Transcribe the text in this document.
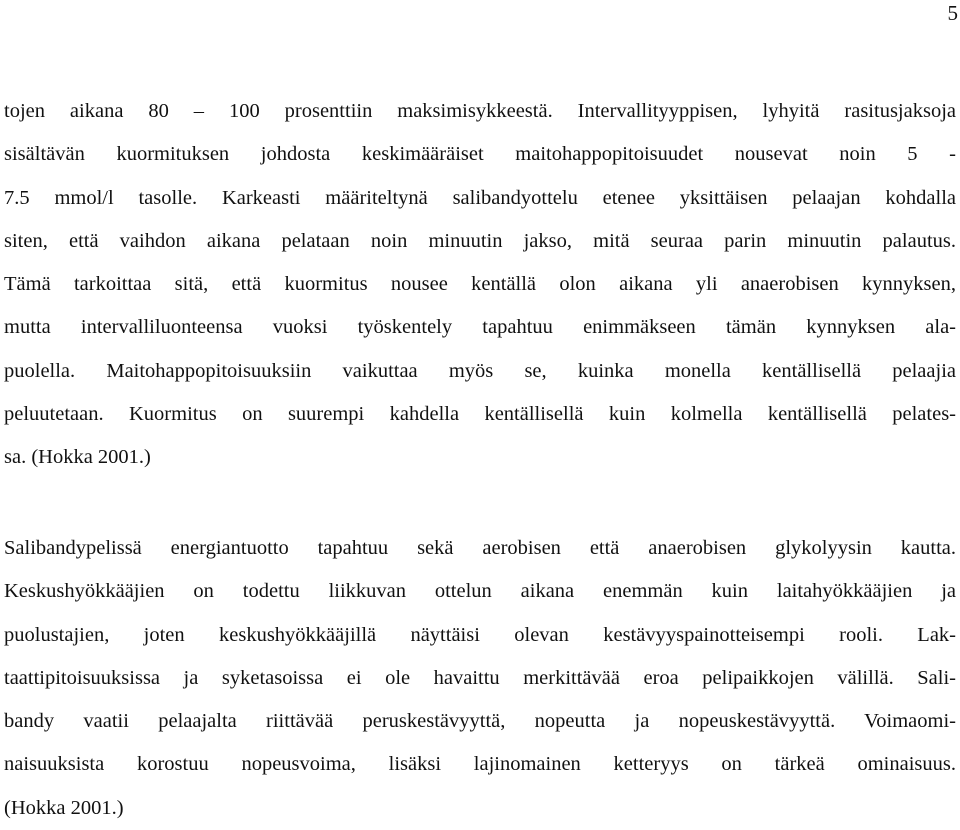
5
tojen aikana 80 – 100 prosenttiin maksimisykkeestä. Intervallityyppisen, lyhyitä rasitusjaksoja
sisältävän kuormituksen johdosta keskimääräiset maitohappopitoisuudet nousevat noin 5 -
7.5 mmol/l tasolle. Karkeasti määriteltynä salibandyottelu etenee yksittäisen pelaajan kohdalla
siten, että vaihdon aikana pelataan noin minuutin jakso, mitä seuraa parin minuutin palautus.
Tämä tarkoittaa sitä, että kuormitus nousee kentällä olon aikana yli anaerobisen kynnyksen,
mutta intervalliluonteensa vuoksi työskentely tapahtuu enimmäkseen tämän kynnyksen ala-
puolella. Maitohappopitoisuuksiin vaikuttaa myös se, kuinka monella kentällisellä pelaajia
peluutetaan. Kuormitus on suurempi kahdella kentällisellä kuin kolmella kentällisellä pelates-
sa. (Hokka 2001.)
Salibandypelissä energiantuotto tapahtuu sekä aerobisen että anaerobisen glykolyysin kautta.
Keskushyökkääjien on todettu liikkuvan ottelun aikana enemmän kuin laitahyökkääjien ja
puolustajien, joten keskushyökkääjillä näyttäisi olevan kestävyyspainotteisempi rooli. Lak-
taattipitoisuuksissa ja syketasoissa ei ole havaittu merkittävää eroa pelipaikkojen välillä. Sali-
bandy vaatii pelaajalta riittävää peruskestävyyttä, nopeutta ja nopeuskestävyyttä. Voimaomi-
naisuuksista korostuu nopeusvoima, lisäksi lajinomainen ketteryys on tärkeä ominaisuus.
(Hokka 2001.)
